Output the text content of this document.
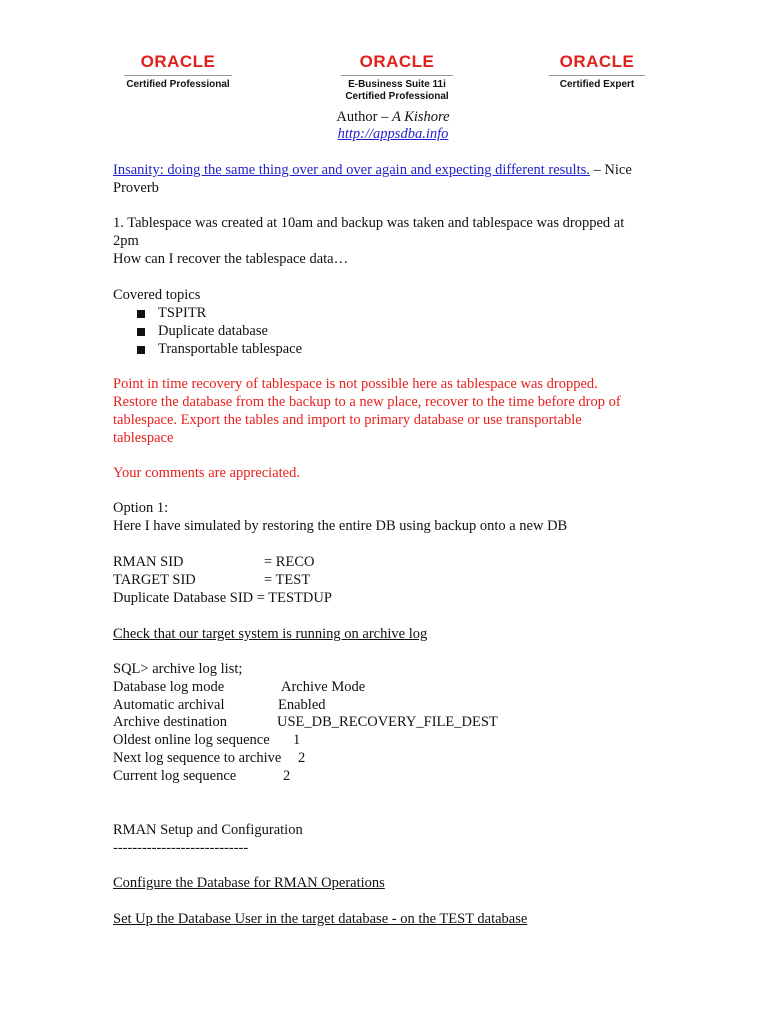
ORACLE
Certified Professional
ORACLE
E-Business Suite 11i
Certified Professional
ORACLE
Certified Expert
Author – A Kishore
http://appsdba.info
Insanity: doing the same thing over and over again and expecting different results. – Nice
Proverb
1. Tablespace was created at 10am and backup was taken and tablespace was dropped at
2pm
How can I recover the tablespace data…
Covered topics
TSPITR
Duplicate database
Transportable tablespace
Point in time recovery of tablespace is not possible here as tablespace was dropped.
Restore the database from the backup to a new place, recover to the time before drop of
tablespace. Export the tables and import to primary database or use transportable
tablespace
Your comments are appreciated.
Option 1:
Here I have simulated by restoring the entire DB using backup onto a new DB
RMAN SID	= RECO
TARGET SID	= TEST
Duplicate Database SID = TESTDUP
Check that our target system is running on archive log
SQL> archive log list;
Database log mode	Archive Mode
Automatic archival	Enabled
Archive destination	USE_DB_RECOVERY_FILE_DEST
Oldest online log sequence 1
Next log sequence to archive 2
Current log sequence	2
RMAN Setup and Configuration
----------------------------
Configure the Database for RMAN Operations
Set Up the Database User in the target database - on the TEST database
